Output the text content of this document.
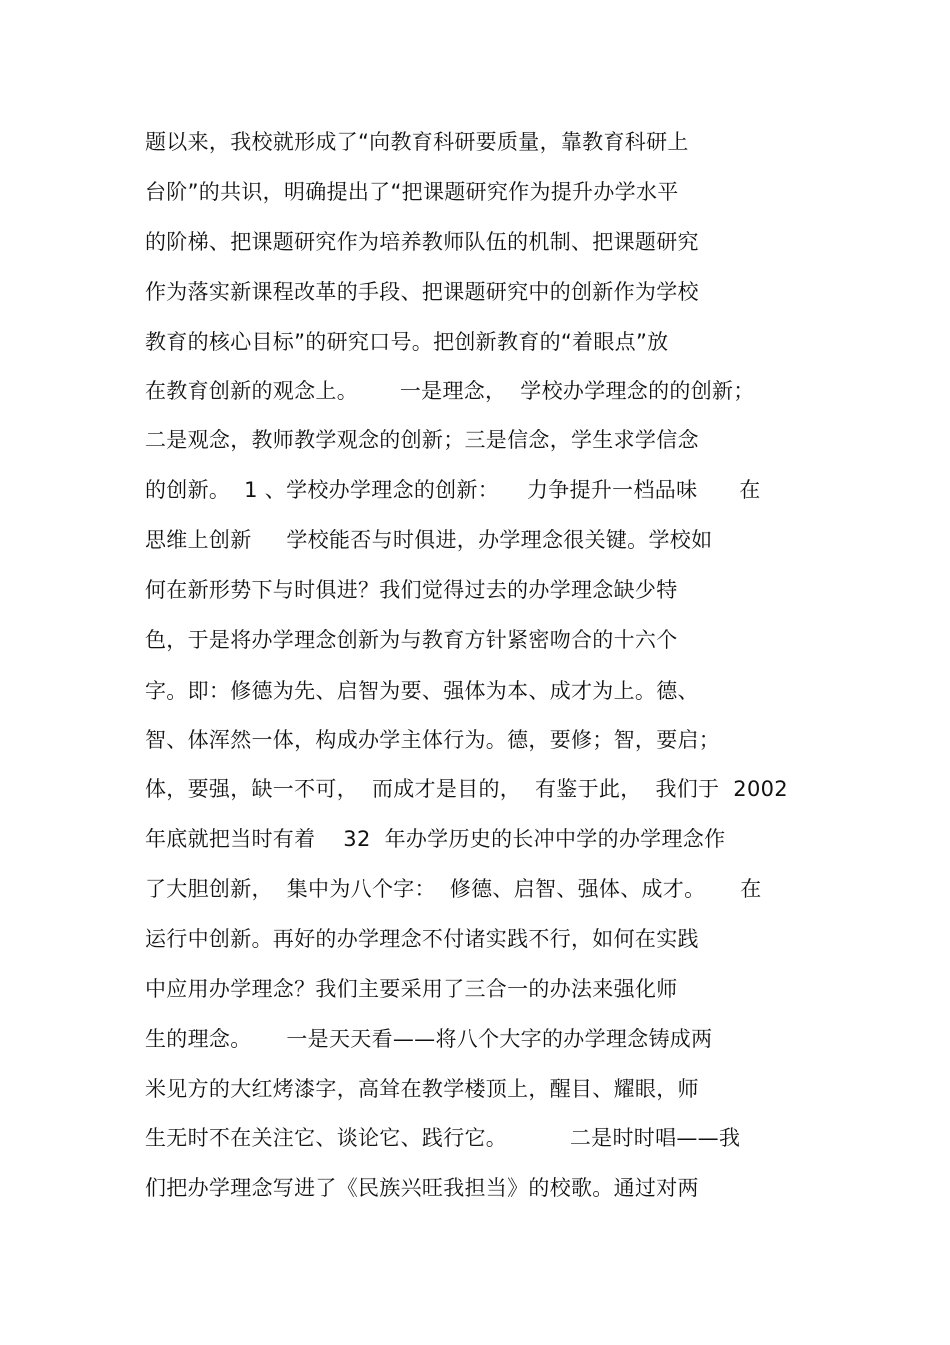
题以来，我校就形成了“向教育科研要质量，靠教育科研上
台阶”的共识，明确提出了“把课题研究作为提升办学水平
的阶梯、把课题研究作为培养教师队伍的机制、把课题研究
作为落实新课程改革的手段、把课题研究中的创新作为学校
教育的核心目标”的研究口号。把创新教育的“着眼点”放
在教育创新的观念上。      一是理念，  学校办学理念的的创新；
二是观念，教师教学观念的创新；三是信念，学生求学信念
的创新。  1 、学校办学理念的创新：    力争提升一档品味      在
思维上创新     学校能否与时俱进，办学理念很关键。学校如
何在新形势下与时俱进？我们觉得过去的办学理念缺少特
色，于是将办学理念创新为与教育方针紧密吻合的十六个
字。即：修德为先、启智为要、强体为本、成才为上。德、
智、体浑然一体，构成办学主体行为。德，要修；智，要启；
体，要强，缺一不可，  而成才是目的，  有鉴于此，  我们于  2002
年底就把当时有着    32  年办学历史的长冲中学的办学理念作
了大胆创新，  集中为八个字：  修德、启智、强体、成才。     在
运行中创新。再好的办学理念不付诸实践不行，如何在实践
中应用办学理念？我们主要采用了三合一的办法来强化师
生的理念。     一是天天看——将八个大字的办学理念铸成两
米见方的大红烤漆字，高耸在教学楼顶上，醒目、耀眼，师
生无时不在关注它、谈论它、践行它。         二是时时唱——我
们把办学理念写进了《民族兴旺我担当》的校歌。通过对两
